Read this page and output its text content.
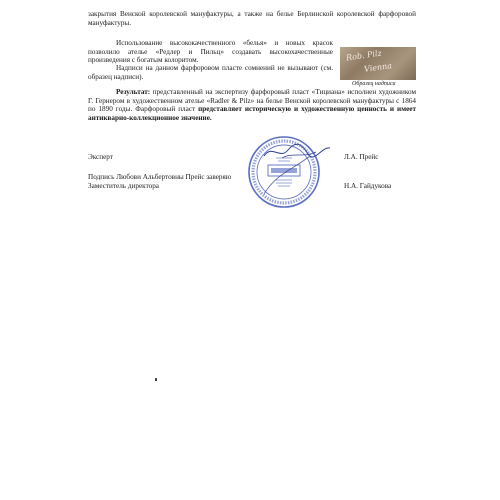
закрытия Венской королевской мануфактуры, а также на белье Берлинской королевской фарфоровой мануфактуры.
Использование высококачественного «белья» и новых красок позволило ателье «Редлер и Пильц» создавать высокохачественные произведения с богатым колоритом.
Надписи на данном фарфоровом пласте сомнений не вызывают (см. образец надписи).
Rob. Pilz
Vienna
Образец надписи
Результат: представленный на экспертизу фарфоровый пласт «Тициана» исполнен художником Г. Гернером в художественном ателье «Radler & Pilz» на белье Венской королевской мануфактуры с 1864 по 1890 годы. Фарфоровый пласт представляет историческую и художественную ценность и имеет антикварно-коллекционное значение.
Эксперт	Л.А. Прейс
Подпись Любови Альбертовны Прейс заверяю
Заместитель директора	Н.А. Гайдукова
